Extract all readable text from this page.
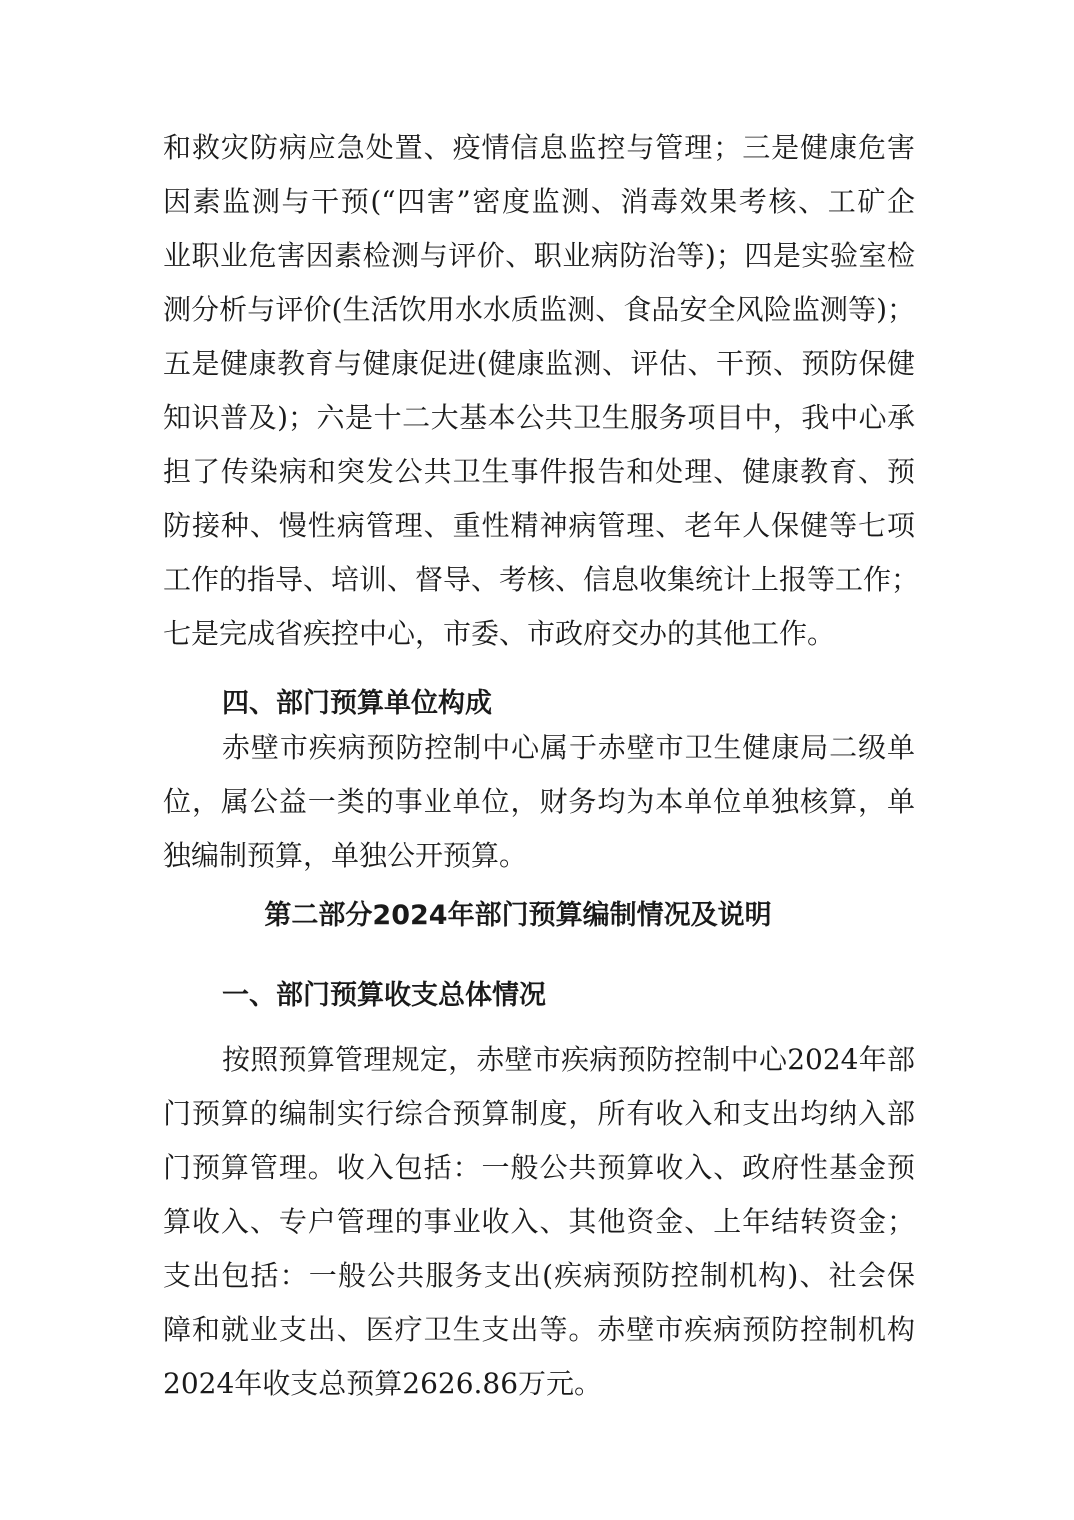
和救灾防病应急处置、疫情信息监控与管理；三是健康危害
因素监测与干预(“四害”密度监测、消毒效果考核、工矿企
业职业危害因素检测与评价、职业病防治等)；四是实验室检
测分析与评价(生活饮用水水质监测、食品安全风险监测等)；
五是健康教育与健康促进(健康监测、评估、干预、预防保健
知识普及)；六是十二大基本公共卫生服务项目中，我中心承
担了传染病和突发公共卫生事件报告和处理、健康教育、预
防接种、慢性病管理、重性精神病管理、老年人保健等七项
工作的指导、培训、督导、考核、信息收集统计上报等工作；
七是完成省疾控中心，市委、市政府交办的其他工作。
四、部门预算单位构成
赤壁市疾病预防控制中心属于赤壁市卫生健康局二级单
位，属公益一类的事业单位，财务均为本单位单独核算，单
独编制预算，单独公开预算。
第二部分2024年部门预算编制情况及说明
一、部门预算收支总体情况
按照预算管理规定，赤壁市疾病预防控制中心2024年部
门预算的编制实行综合预算制度，所有收入和支出均纳入部
门预算管理。收入包括：一般公共预算收入、政府性基金预
算收入、专户管理的事业收入、其他资金、上年结转资金；
支出包括：一般公共服务支出(疾病预防控制机构)、社会保
障和就业支出、医疗卫生支出等。赤壁市疾病预防控制机构
2024年收支总预算2626.86万元。
